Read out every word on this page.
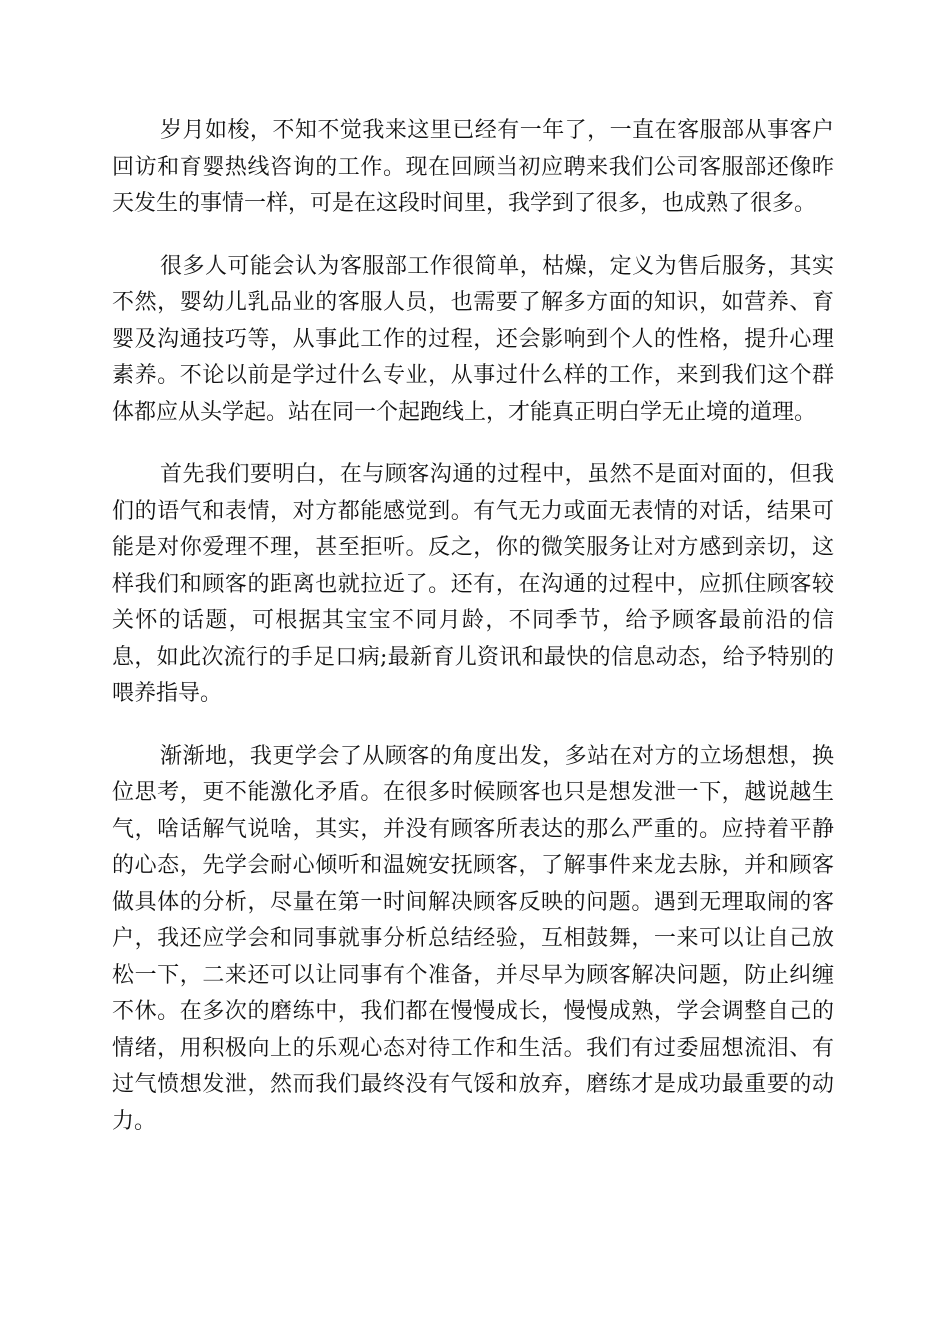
岁月如梭，不知不觉我来这里已经有一年了，一直在客服部从事客户回访和育婴热线咨询的工作。现在回顾当初应聘来我们公司客服部还像昨天发生的事情一样，可是在这段时间里，我学到了很多，也成熟了很多。

很多人可能会认为客服部工作很简单，枯燥，定义为售后服务，其实不然，婴幼儿乳品业的客服人员，也需要了解多方面的知识，如营养、育婴及沟通技巧等，从事此工作的过程，还会影响到个人的性格，提升心理素养。不论以前是学过什么专业，从事过什么样的工作，来到我们这个群体都应从头学起。站在同一个起跑线上，才能真正明白学无止境的道理。

首先我们要明白，在与顾客沟通的过程中，虽然不是面对面的，但我们的语气和表情，对方都能感觉到。有气无力或面无表情的对话，结果可能是对你爱理不理，甚至拒听。反之，你的微笑服务让对方感到亲切，这样我们和顾客的距离也就拉近了。还有，在沟通的过程中，应抓住顾客较关怀的话题，可根据其宝宝不同月龄，不同季节，给予顾客最前沿的信息，如此次流行的手足口病;最新育儿资讯和最快的信息动态，给予特别的喂养指导。

渐渐地，我更学会了从顾客的角度出发，多站在对方的立场想想，换位思考，更不能激化矛盾。在很多时候顾客也只是想发泄一下，越说越生气，啥话解气说啥，其实，并没有顾客所表达的那么严重的。应持着平静的心态，先学会耐心倾听和温婉安抚顾客，了解事件来龙去脉，并和顾客做具体的分析，尽量在第一时间解决顾客反映的问题。遇到无理取闹的客户，我还应学会和同事就事分析总结经验，互相鼓舞，一来可以让自己放松一下，二来还可以让同事有个准备，并尽早为顾客解决问题，防止纠缠不休。在多次的磨练中，我们都在慢慢成长，慢慢成熟，学会调整自己的情绪，用积极向上的乐观心态对待工作和生活。我们有过委屈想流泪、有过气愤想发泄，然而我们最终没有气馁和放弃，磨练才是成功最重要的动力。
